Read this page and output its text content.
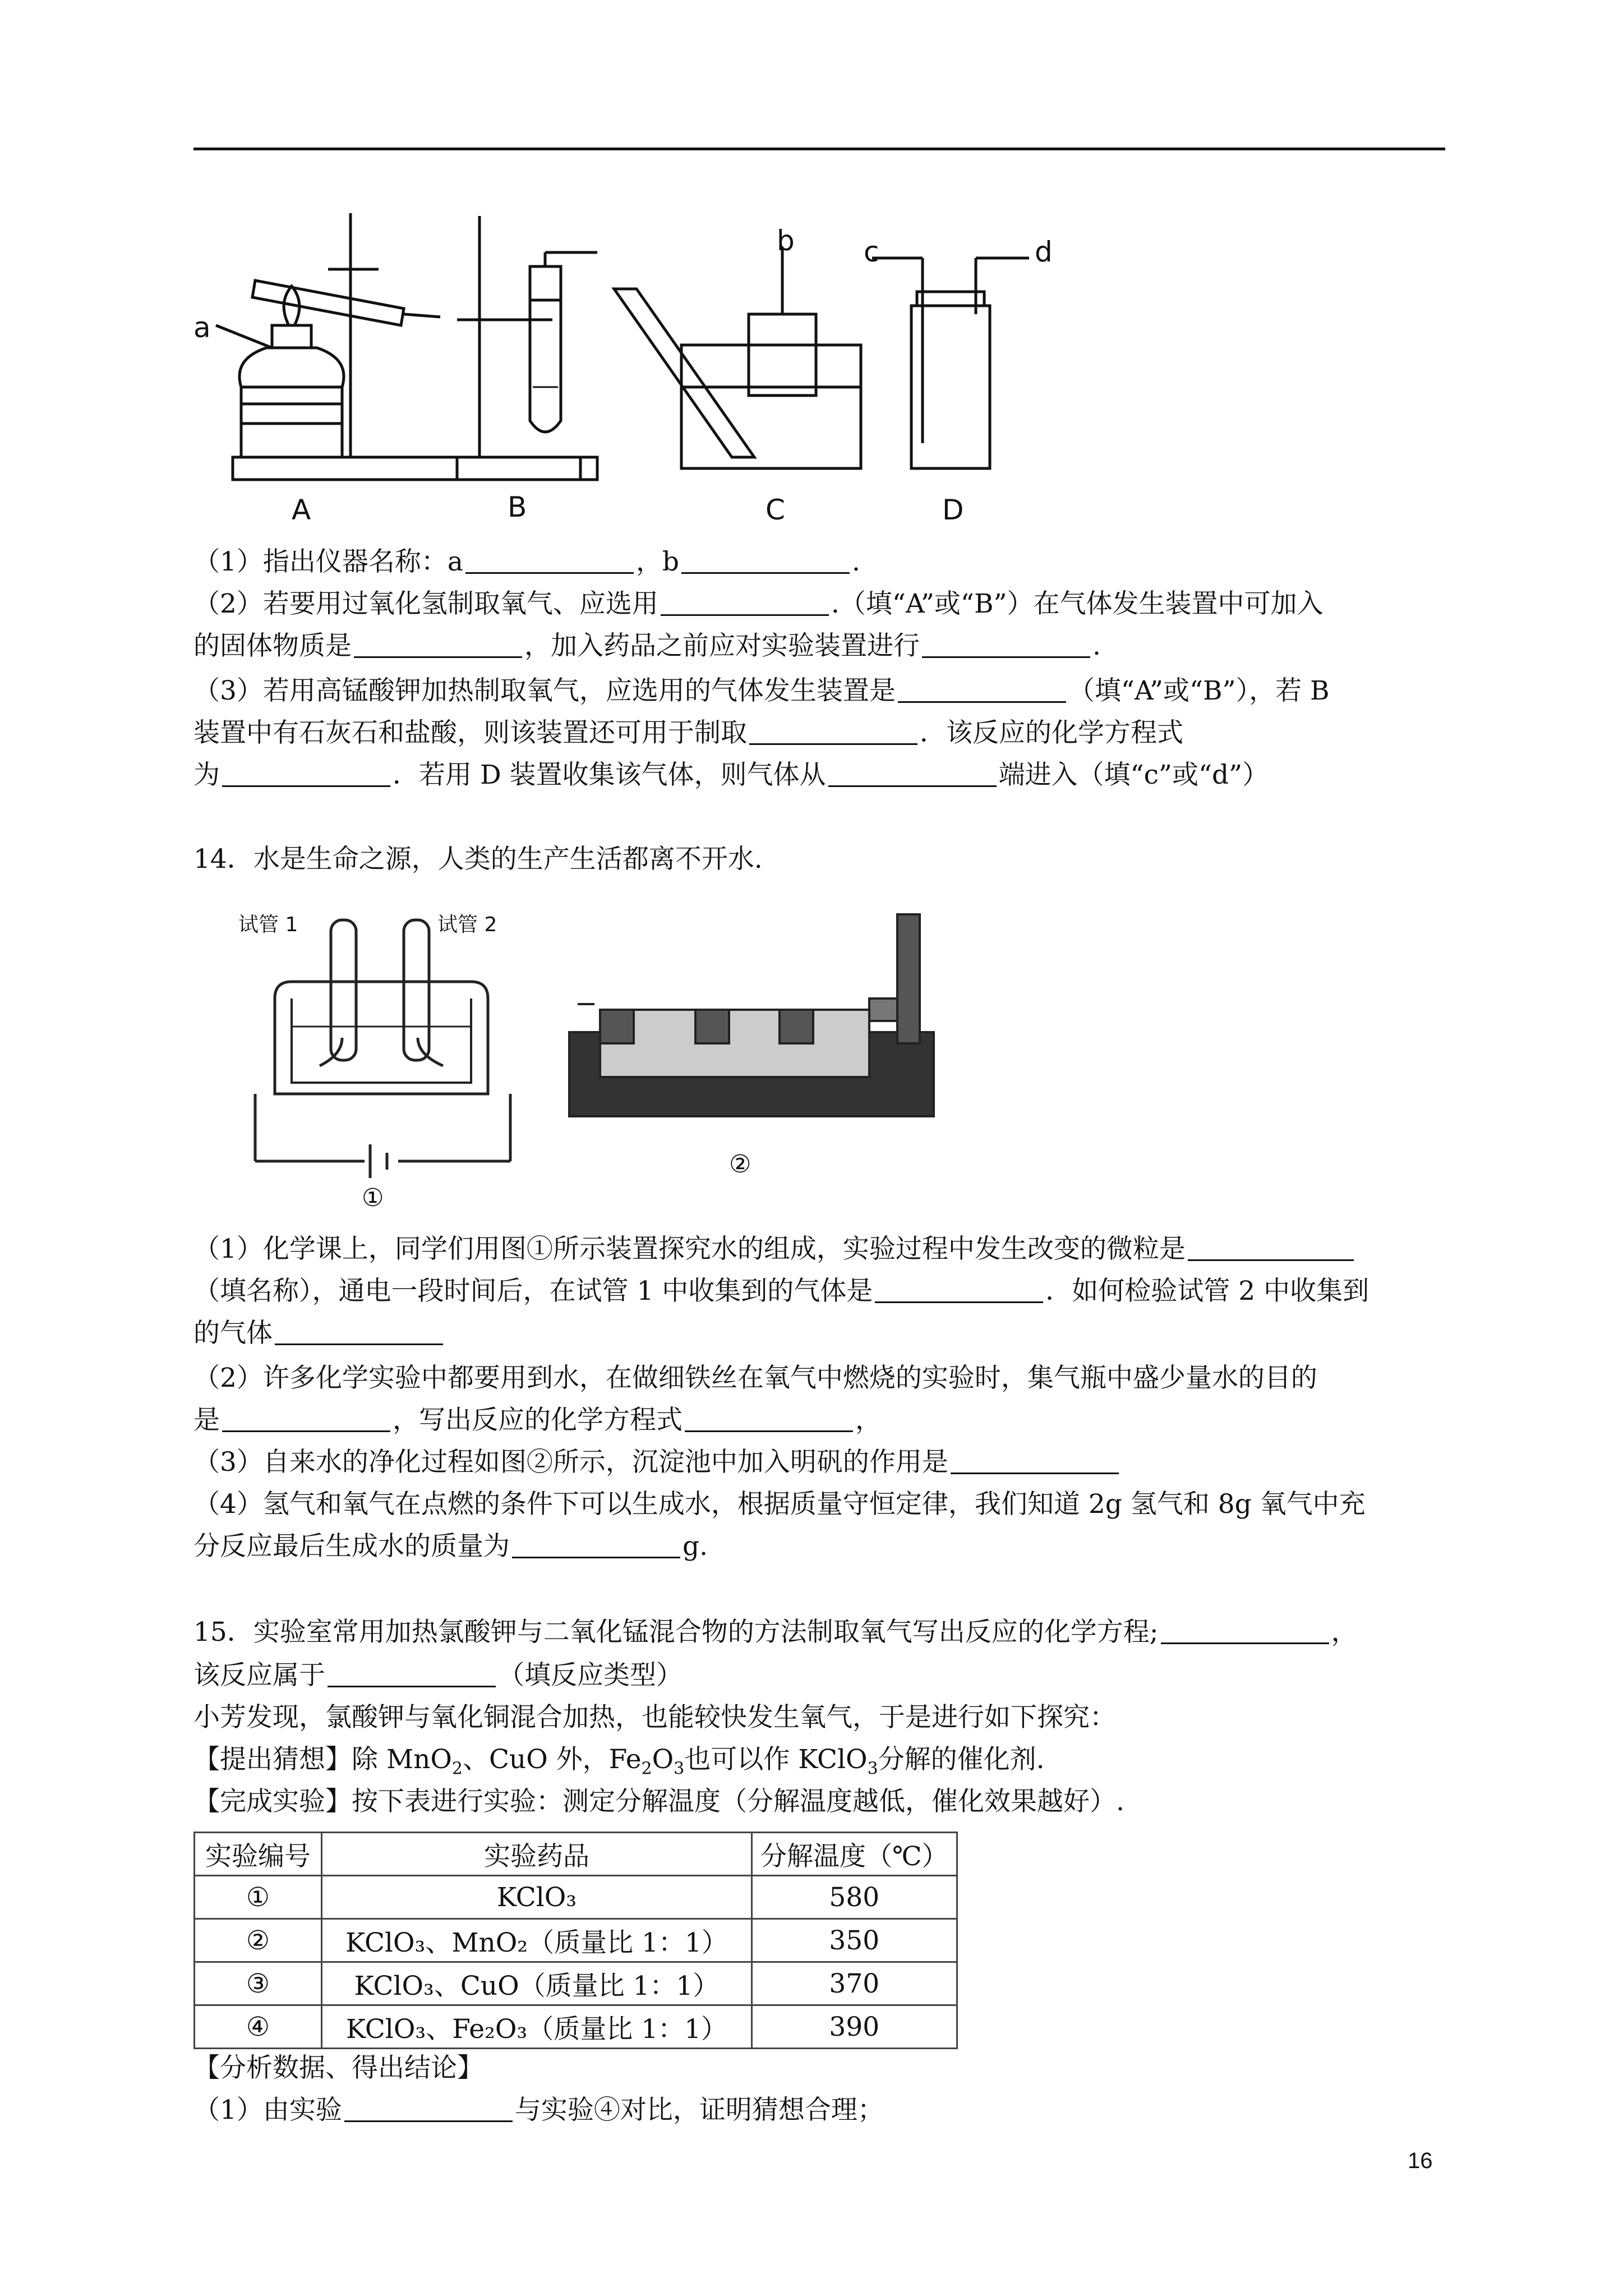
a
b c	d
A	B	C	D
（1）指出仪器名称：a	，b	.
（2）若要用过氧化氢制取氧气、应选用	.（填“A”或“B”）在气体发生装置中可加入
的固体物质是	，加入药品之前应对实验装置进行	.
（3）若用高锰酸钾加热制取氧气，应选用的气体发生装置是	（填“A”或“B”），若 B
装置中有石灰石和盐酸，则该装置还可用于制取	．该反应的化学方程式
为	．若用 D 装置收集该气体，则气体从	端进入（填“c”或“d”）
14．水是生命之源，人类的生产生活都离不开水.
试管 1	试管 2
①
②
（1）化学课上，同学们用图①所示装置探究水的组成，实验过程中发生改变的微粒是
（填名称），通电一段时间后，在试管 1 中收集到的气体是	．如何检验试管 2 中收集到
的气体
（2）许多化学实验中都要用到水，在做细铁丝在氧气中燃烧的实验时，集气瓶中盛少量水的目的
是	，写出反应的化学方程式	，
（3）自来水的净化过程如图②所示，沉淀池中加入明矾的作用是
（4）氢气和氧气在点燃的条件下可以生成水，根据质量守恒定律，我们知道 2g 氢气和 8g 氧气中充
分反应最后生成水的质量为	g.
15．实验室常用加热氯酸钾与二氧化锰混合物的方法制取氧气写出反应的化学方程;	，
该反应属于	（填反应类型）
小芳发现，氯酸钾与氧化铜混合加热，也能较快发生氧气，于是进行如下探究：
【提出猜想】除 MnO$_2$、CuO 外，$Fe_2O_3$也可以作 KClO$_3$分解的催化剂.
【完成实验】按下表进行实验：测定分解温度（分解温度越低，催化效果越好）.
实验编号	实验药品	分解温度（℃）
①	KClO₃	580
②	KClO₃、MnO₂（质量比 1：1）	350
③	KClO₃、CuO（质量比 1：1）	370
④	KClO₃、Fe₂O₃（质量比 1：1）	390
【分析数据、得出结论】
（1）由实验	与实验④对比，证明猜想合理；
16
